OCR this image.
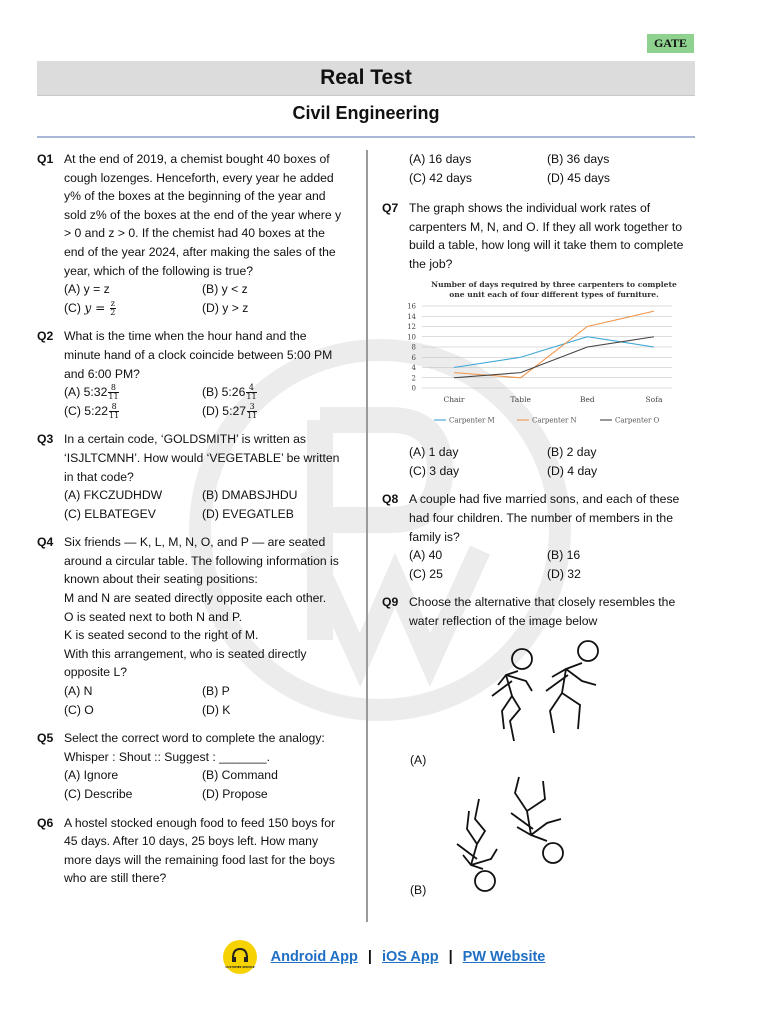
GATE
Real Test
Civil Engineering
Q1 At the end of 2019, a chemist bought 40 boxes of cough lozenges. Henceforth, every year he added y% of the boxes at the beginning of the year and sold z% of the boxes at the end of the year where y > 0 and z > 0. If the chemist had 40 boxes at the end of the year 2024, after making the sales of the year, which of the following is true?
(A) y = z	(B) y < z
(C) $y = \frac{z}{2}$	(D) y > z
Q2 What is the time when the hour hand and the minute hand of a clock coincide between 5:00 PM and 6:00 PM?
(A) 5:32 $\frac{8}{11}$	(B) 5:26 $\frac{4}{11}$
(C) 5:22 $\frac{8}{11}$	(D) 5:27 $\frac{3}{11}$
Q3 In a certain code, ‘GOLDSMITH’ is written as ‘ISJLTCMNH’. How would ‘VEGETABLE’ be written in that code?
(A) FKCZUDHDW	(B) DMABSJHDU
(C) ELBATEGEV	(D) EVEGATLEB
Q4 Six friends — K, L, M, N, O, and P — are seated around a circular table. The following information is known about their seating positions:
M and N are seated directly opposite each other.
O is seated next to both N and P.
K is seated second to the right of M.
With this arrangement, who is seated directly opposite L?
(A) N	(B) P
(C) O	(D) K
Q5 Select the correct word to complete the analogy:
Whisper : Shout :: Suggest : _______.
(A) Ignore	(B) Command
(C) Describe	(D) Propose
Q6 A hostel stocked enough food to feed 150 boys for 45 days. After 10 days, 25 boys left. How many more days will the remaining food last for the boys who are still there?
(A) 16 days	(B) 36 days
(C) 42 days	(D) 45 days
Q7 The graph shows the individual work rates of carpenters M, N, and O. If they all work together to build a table, how long will it take them to complete the job?
Number of days required by three carpenters to complete
one unit each of four different types of furniture.
0
2
4
6
8
10
12
14
16
Chair	Table	Bed	Sofa
Carpenter M	Carpenter N	Carpenter O
(A) 1 day	(B) 2 day
(C) 3 day	(D) 4 day
Q8 A couple had five married sons, and each of these had four children. The number of members in the family is?
(A) 40	(B) 16
(C) 25	(D) 32
Q9 Choose the alternative that closely resembles the water reflection of the image below
(A)
(B)
CUSTOMER SERVICE
Android App | iOS App | PW Website
